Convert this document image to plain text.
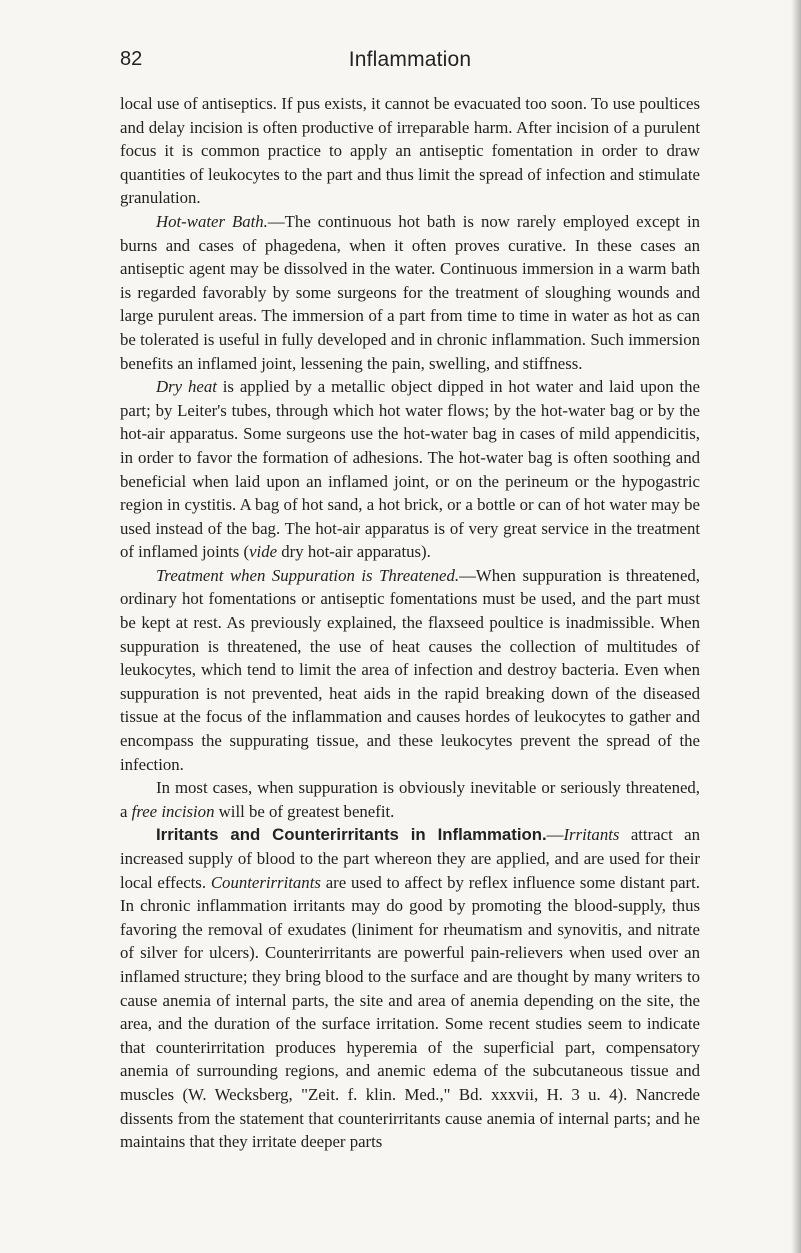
82	Inflammation

local use of antiseptics. If pus exists, it cannot be evacuated too soon. To use poultices and delay incision is often productive of irreparable harm. After incision of a purulent focus it is common practice to apply an antiseptic fomentation in order to draw quantities of leukocytes to the part and thus limit the spread of infection and stimulate granulation.

Hot-water Bath.—The continuous hot bath is now rarely employed except in burns and cases of phagedena, when it often proves curative. In these cases an antiseptic agent may be dissolved in the water. Continuous immersion in a warm bath is regarded favorably by some surgeons for the treatment of sloughing wounds and large purulent areas. The immersion of a part from time to time in water as hot as can be tolerated is useful in fully developed and in chronic inflammation. Such immersion benefits an inflamed joint, lessening the pain, swelling, and stiffness.

Dry heat is applied by a metallic object dipped in hot water and laid upon the part; by Leiter's tubes, through which hot water flows; by the hot-water bag or by the hot-air apparatus. Some surgeons use the hot-water bag in cases of mild appendicitis, in order to favor the formation of adhesions. The hot-water bag is often soothing and beneficial when laid upon an inflamed joint, or on the perineum or the hypogastric region in cystitis. A bag of hot sand, a hot brick, or a bottle or can of hot water may be used instead of the bag. The hot-air apparatus is of very great service in the treatment of inflamed joints (vide dry hot-air apparatus).

Treatment when Suppuration is Threatened.—When suppuration is threatened, ordinary hot fomentations or antiseptic fomentations must be used, and the part must be kept at rest. As previously explained, the flaxseed poultice is inadmissible. When suppuration is threatened, the use of heat causes the collection of multitudes of leukocytes, which tend to limit the area of infection and destroy bacteria. Even when suppuration is not prevented, heat aids in the rapid breaking down of the diseased tissue at the focus of the inflammation and causes hordes of leukocytes to gather and encompass the suppurating tissue, and these leukocytes prevent the spread of the infection.

In most cases, when suppuration is obviously inevitable or seriously threatened, a free incision will be of greatest benefit.

Irritants and Counterirritants in Inflammation.—Irritants attract an increased supply of blood to the part whereon they are applied, and are used for their local effects. Counterirritants are used to affect by reflex influence some distant part. In chronic inflammation irritants may do good by promoting the blood-supply, thus favoring the removal of exudates (liniment for rheumatism and synovitis, and nitrate of silver for ulcers). Counterirritants are powerful pain-relievers when used over an inflamed structure; they bring blood to the surface and are thought by many writers to cause anemia of internal parts, the site and area of anemia depending on the site, the area, and the duration of the surface irritation. Some recent studies seem to indicate that counterirritation produces hyperemia of the superficial part, compensatory anemia of surrounding regions, and anemic edema of the subcutaneous tissue and muscles (W. Wecksberg, "Zeit. f. klin. Med.," Bd. xxxvii, H. 3 u. 4). Nancrede dissents from the statement that counterirritants cause anemia of internal parts; and he maintains that they irritate deeper parts
